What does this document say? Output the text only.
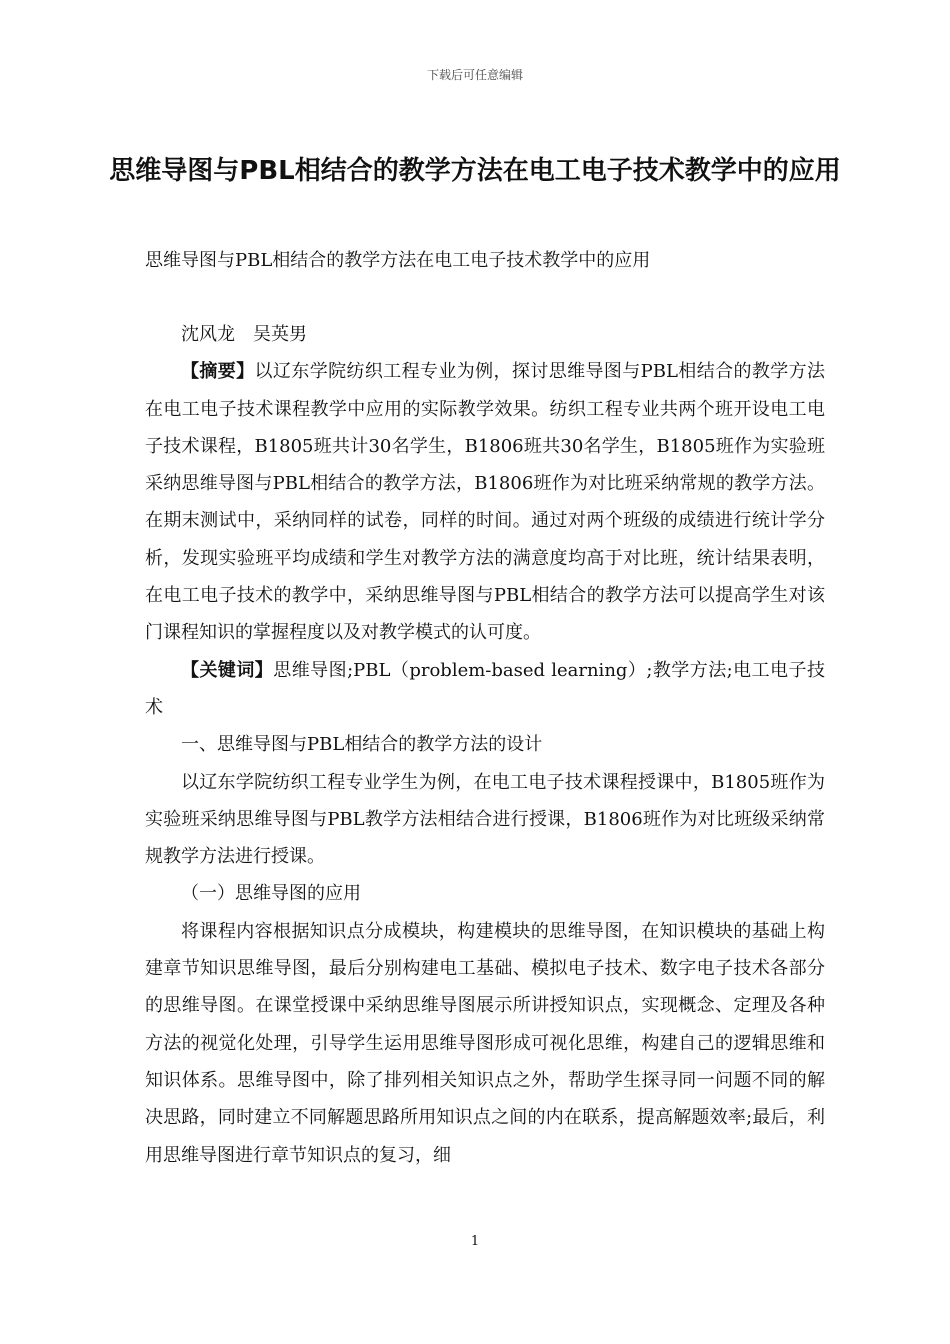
下载后可任意编辑
思维导图与PBL相结合的教学方法在电工电子技术教学中的应用
思维导图与PBL相结合的教学方法在电工电子技术教学中的应用

沈风龙　吴英男

【摘要】以辽东学院纺织工程专业为例，探讨思维导图与PBL相结合的教学方法在电工电子技术课程教学中应用的实际教学效果。纺织工程专业共两个班开设电工电子技术课程，B1805班共计30名学生，B1806班共30名学生，B1805班作为实验班采纳思维导图与PBL相结合的教学方法，B1806班作为对比班采纳常规的教学方法。在期末测试中，采纳同样的试卷，同样的时间。通过对两个班级的成绩进行统计学分析，发现实验班平均成绩和学生对教学方法的满意度均高于对比班，统计结果表明，在电工电子技术的教学中，采纳思维导图与PBL相结合的教学方法可以提高学生对该门课程知识的掌握程度以及对教学模式的认可度。

【关键词】思维导图;PBL（problem-based learning）;教学方法;电工电子技术

一、思维导图与PBL相结合的教学方法的设计

以辽东学院纺织工程专业学生为例，在电工电子技术课程授课中，B1805班作为实验班采纳思维导图与PBL教学方法相结合进行授课，B1806班作为对比班级采纳常规教学方法进行授课。

（一）思维导图的应用

将课程内容根据知识点分成模块，构建模块的思维导图，在知识模块的基础上构建章节知识思维导图，最后分别构建电工基础、模拟电子技术、数字电子技术各部分的思维导图。在课堂授课中采纳思维导图展示所讲授知识点，实现概念、定理及各种方法的视觉化处理，引导学生运用思维导图形成可视化思维，构建自己的逻辑思维和知识体系。思维导图中，除了排列相关知识点之外，帮助学生探寻同一问题不同的解决思路，同时建立不同解题思路所用知识点之间的内在联系，提高解题效率;最后，利用思维导图进行章节知识点的复习，细

1
